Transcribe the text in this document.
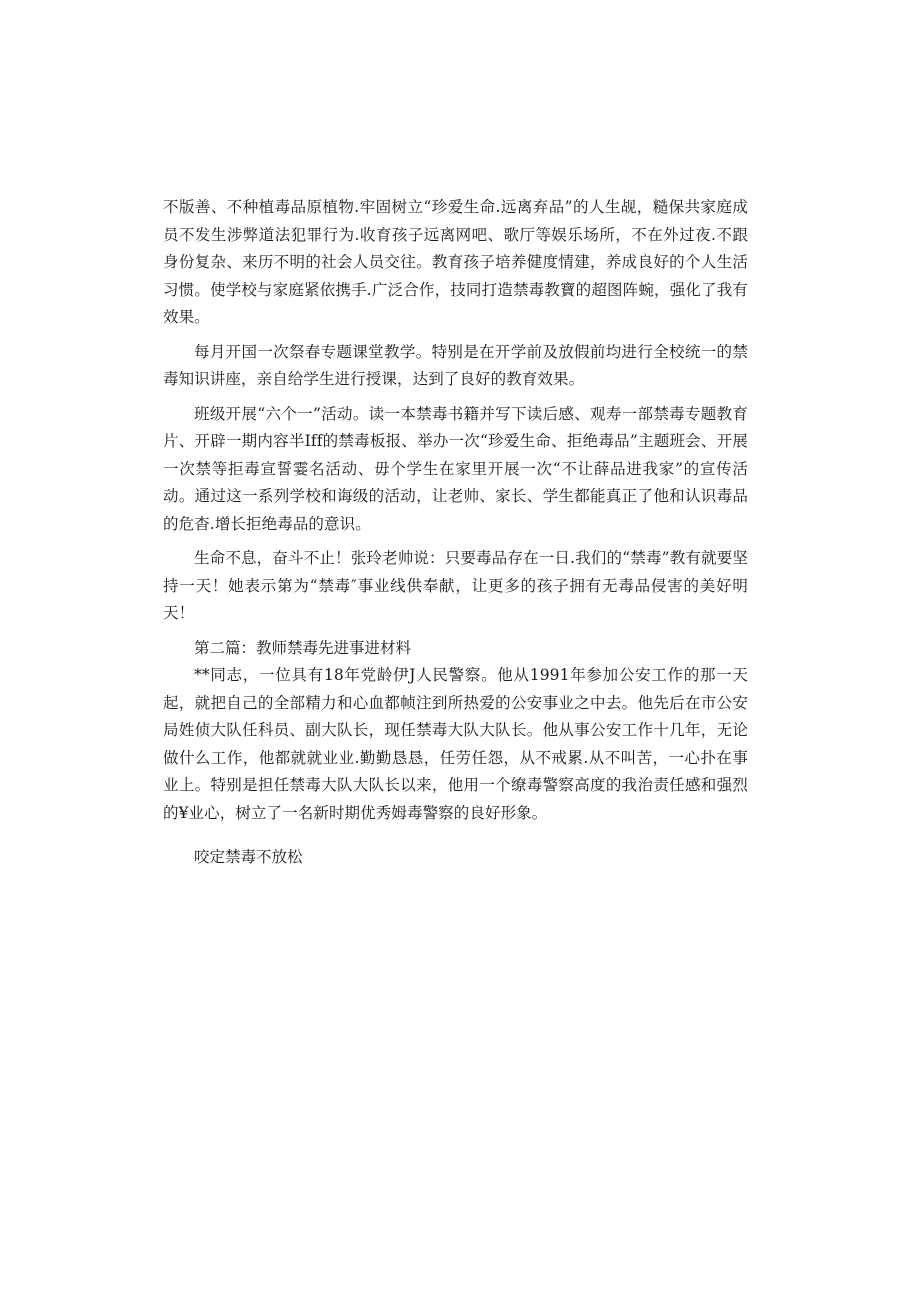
不版善、不种植毒品原植物.牢固树立“珍爱生命.远离弃品”的人生觇，糙保共家庭成员不发生涉弊道法犯罪行为.收育孩子远离网吧、歌厅等娱乐场所，不在外过夜.不跟身份复杂、来历不明的社会人员交往。教育孩子培养健度情建，养成良好的个人生活习惯。使学校与家庭紧依携手.广泛合作，技同打造禁毒教寶的超图阵蜿，强化了我有效果。

每月开国一次祭春专题课堂教学。特别是在开学前及放假前均进行全校统一的禁毒知识讲座，亲自给学生进行授课，达到了良好的教育效果。

班级开展“六个一”活动。读一本禁毒书籍并写下读后感、观寿一部禁毒专题教育片、开辟一期内容半Iff的禁毒板报、举办一次“珍爱生命、拒绝毒品”主题班会、开展一次禁等拒毒宣誓霎名活动、毋个学生在家里开展一次“不让薛品进我家”的宣传活动。通过这一系列学校和诲级的活动，让老帅、家长、学生都能真正了他和认识毒品的危杳.增长拒绝毒品的意识。

生命不息，奋斗不止！张玲老帅说：只要毒品存在一日.我们的“禁毒”教有就要坚持一天！她表示第为“禁毒″事业线供奉献，让更多的孩子拥有无毒品侵害的美好明天！

第二篇：教师禁毒先进事进材料

**同志，一位具有18年党龄伊J人民警察。他从1991年参加公安工作的那一天起，就把自己的全部精力和心血都帧注到所热爱的公安事业之中去。他先后在市公安局姓侦大队任科员、副大队长，现任禁毒大队大队长。他从事公安工作十几年，无论做什么工作，他都就就业业.勤勤恳恳，任劳任怨，从不戒累.从不叫苦，一心扑在事业上。特别是担任禁毒大队大队长以来，他用一个缭毒警察高度的我治责任感和强烈的¥业心，树立了一名新时期优秀姆毒警察的良好形象。

咬定禁毒不放松
